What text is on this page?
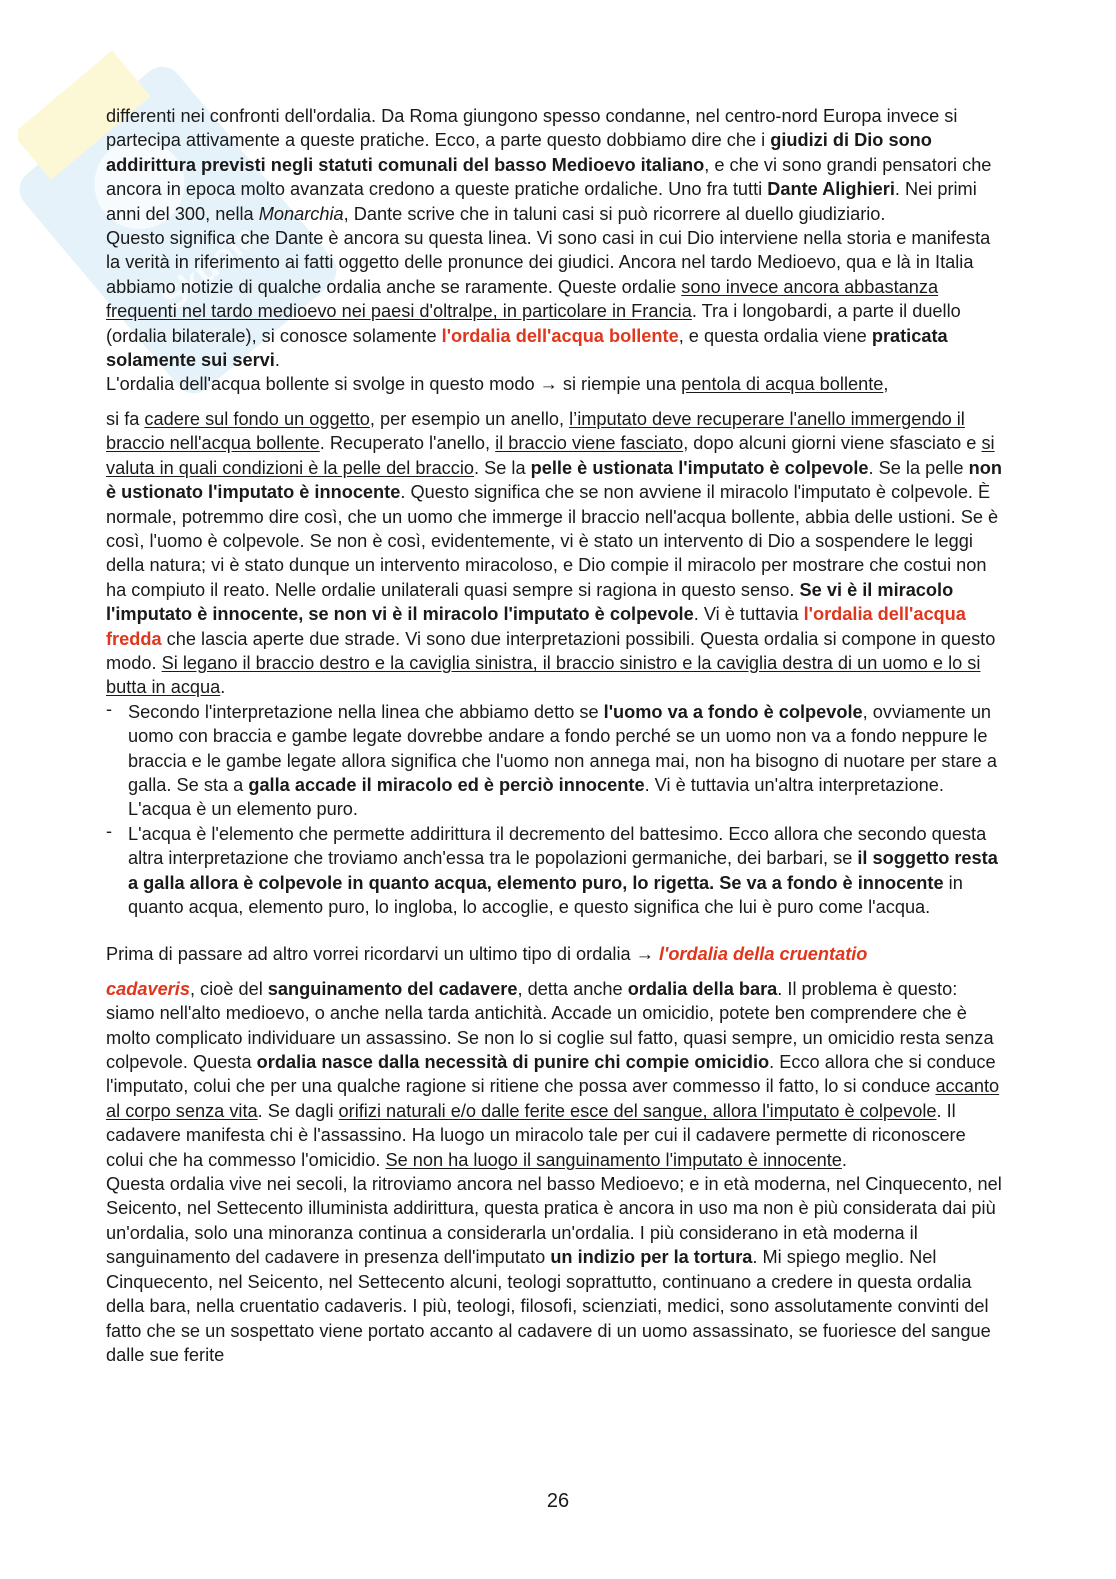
Skuola

differenti nei confronti dell'ordalia. Da Roma giungono spesso condanne, nel centro-nord Europa invece si partecipa attivamente a queste pratiche. Ecco, a parte questo dobbiamo dire che i giudizi di Dio sono addirittura previsti negli statuti comunali del basso Medioevo italiano, e che vi sono grandi pensatori che ancora in epoca molto avanzata credono a queste pratiche ordaliche. Uno fra tutti Dante Alighieri. Nei primi anni del 300, nella Monarchia, Dante scrive che in taluni casi si può ricorrere al duello giudiziario.

Questo significa che Dante è ancora su questa linea. Vi sono casi in cui Dio interviene nella storia e manifesta la verità in riferimento ai fatti oggetto delle pronunce dei giudici. Ancora nel tardo Medioevo, qua e là in Italia abbiamo notizie di qualche ordalia anche se raramente. Queste ordalie sono invece ancora abbastanza frequenti nel tardo medioevo nei paesi d'oltralpe, in particolare in Francia. Tra i longobardi, a parte il duello (ordalia bilaterale), si conosce solamente l'ordalia dell'acqua bollente, e questa ordalia viene praticata solamente sui servi.

L'ordalia dell'acqua bollente si svolge in questo modo → si riempie una pentola di acqua bollente,

si fa cadere sul fondo un oggetto, per esempio un anello, l’imputato deve recuperare l'anello immergendo il braccio nell'acqua bollente. Recuperato l'anello, il braccio viene fasciato, dopo alcuni giorni viene sfasciato e si valuta in quali condizioni è la pelle del braccio. Se la pelle è ustionata l'imputato è colpevole. Se la pelle non è ustionato l'imputato è innocente. Questo significa che se non avviene il miracolo l'imputato è colpevole. È normale, potremmo dire così, che un uomo che immerge il braccio nell'acqua bollente, abbia delle ustioni. Se è così, l'uomo è colpevole. Se non è così, evidentemente, vi è stato un intervento di Dio a sospendere le leggi della natura; vi è stato dunque un intervento miracoloso, e Dio compie il miracolo per mostrare che costui non ha compiuto il reato. Nelle ordalie unilaterali quasi sempre si ragiona in questo senso. Se vi è il miracolo l'imputato è innocente, se non vi è il miracolo l'imputato è colpevole. Vi è tuttavia l'ordalia dell'acqua fredda che lascia aperte due strade. Vi sono due interpretazioni possibili. Questa ordalia si compone in questo modo. Si legano il braccio destro e la caviglia sinistra, il braccio sinistro e la caviglia destra di un uomo e lo si butta in acqua.

- Secondo l'interpretazione nella linea che abbiamo detto se l'uomo va a fondo è colpevole, ovviamente un uomo con braccia e gambe legate dovrebbe andare a fondo perché se un uomo non va a fondo neppure le braccia e le gambe legate allora significa che l'uomo non annega mai, non ha bisogno di nuotare per stare a galla. Se sta a galla accade il miracolo ed è perciò innocente. Vi è tuttavia un'altra interpretazione. L'acqua è un elemento puro.
- L'acqua è l'elemento che permette addirittura il decremento del battesimo. Ecco allora che secondo questa altra interpretazione che troviamo anch'essa tra le popolazioni germaniche, dei barbari, se il soggetto resta a galla allora è colpevole in quanto acqua, elemento puro, lo rigetta. Se va a fondo è innocente in quanto acqua, elemento puro, lo ingloba, lo accoglie, e questo significa che lui è puro come l'acqua.

Prima di passare ad altro vorrei ricordarvi un ultimo tipo di ordalia → l'ordalia della cruentatio

cadaveris, cioè del sanguinamento del cadavere, detta anche ordalia della bara. Il problema è questo: siamo nell'alto medioevo, o anche nella tarda antichità. Accade un omicidio, potete ben comprendere che è molto complicato individuare un assassino. Se non lo si coglie sul fatto, quasi sempre, un omicidio resta senza colpevole. Questa ordalia nasce dalla necessità di punire chi compie omicidio. Ecco allora che si conduce l'imputato, colui che per una qualche ragione si ritiene che possa aver commesso il fatto, lo si conduce accanto al corpo senza vita. Se dagli orifizi naturali e/o dalle ferite esce del sangue, allora l'imputato è colpevole. Il cadavere manifesta chi è l'assassino. Ha luogo un miracolo tale per cui il cadavere permette di riconoscere colui che ha commesso l'omicidio. Se non ha luogo il sanguinamento l'imputato è innocente.

Questa ordalia vive nei secoli, la ritroviamo ancora nel basso Medioevo; e in età moderna, nel Cinquecento, nel Seicento, nel Settecento illuminista addirittura, questa pratica è ancora in uso ma non è più considerata dai più un'ordalia, solo una minoranza continua a considerarla un'ordalia. I più considerano in età moderna il sanguinamento del cadavere in presenza dell'imputato un indizio per la tortura. Mi spiego meglio. Nel Cinquecento, nel Seicento, nel Settecento alcuni, teologi soprattutto, continuano a credere in questa ordalia della bara, nella cruentatio cadaveris. I più, teologi, filosofi, scienziati, medici, sono assolutamente convinti del fatto che se un sospettato viene portato accanto al cadavere di un uomo assassinato, se fuoriesce del sangue dalle sue ferite

26
